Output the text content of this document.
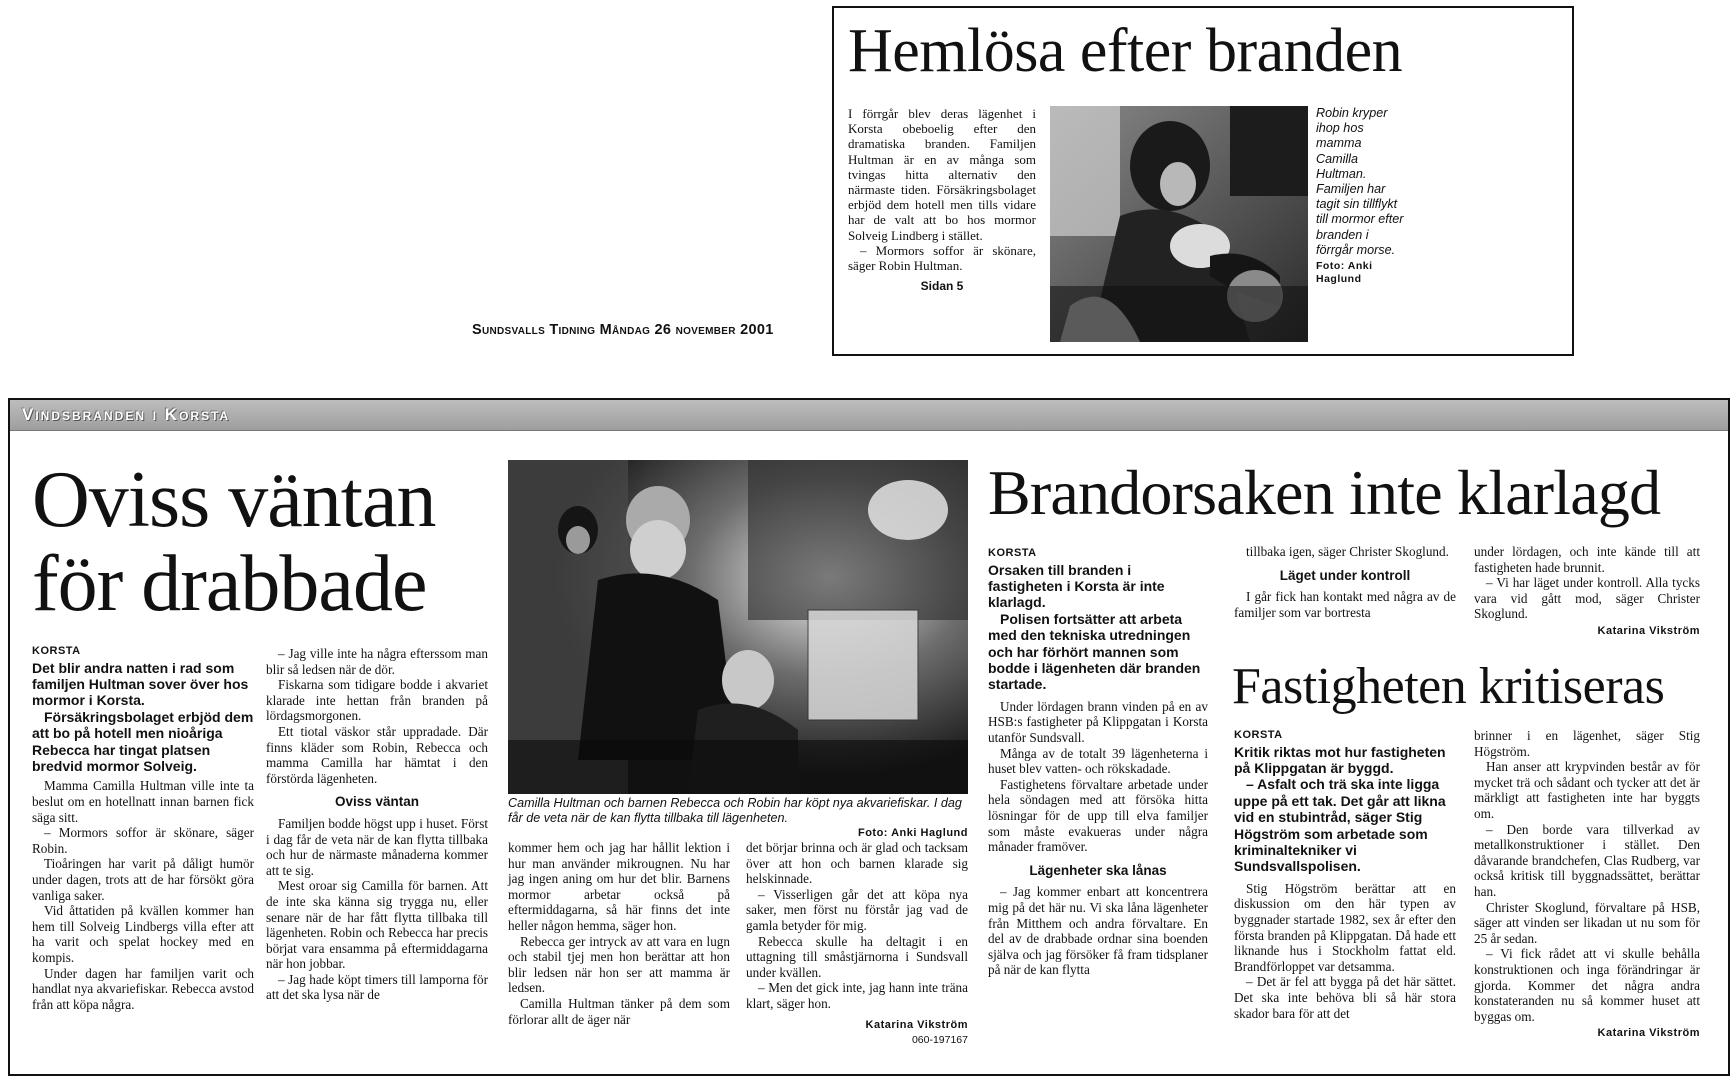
Sundsvalls Tidning Måndag 26 november 2001
Hemlösa efter branden

I förrgår blev deras lägenhet i Korsta obeboelig efter den dramatiska branden. Familjen Hultman är en av många som tvingas hitta alternativ den närmaste tiden. Försäkringsbolaget erbjöd dem hotell men tills vidare har de valt att bo hos mormor Solveig Lindberg i stället.

– Mormors soffor är skönare, säger Robin Hultman.

Sidan 5
Robin kryper ihop hos mamma Camilla Hultman. Familjen har tagit sin tillflykt till mormor efter branden i förrgår morse.
Foto: Anki Haglund
Vindsbranden i Korsta
Oviss väntan
för drabbade
KORSTA
Det blir andra natten i rad som familjen Hultman sover över hos mormor i Korsta.
Försäkringsbolaget erbjöd dem att bo på hotell men nioåriga Rebecca har tingat platsen bredvid mormor Solveig.

Mamma Camilla Hultman ville inte ta beslut om en hotellnatt innan barnen fick säga sitt.

– Mormors soffor är skönare, säger Robin.

Tioåringen har varit på dåligt humör under dagen, trots att de har försökt göra vanliga saker.

Vid åttatiden på kvällen kommer han hem till Solveig Lindbergs villa efter att ha varit och spelat hockey med en kompis.

Under dagen har familjen varit och handlat nya akvariefiskar. Rebecca avstod från att köpa några.

– Jag ville inte ha några efterssom man blir så ledsen när de dör.

Fiskarna som tidigare bodde i akvariet klarade inte hettan från branden på lördagsmorgonen.

Ett tiotal väskor står uppradade. Där finns kläder som Robin, Rebecca och mamma Camilla har hämtat i den förstörda lägenheten.

Oviss väntan

Familjen bodde högst upp i huset. Först i dag får de veta när de kan flytta tillbaka och hur de närmaste månaderna kommer att te sig.

Mest oroar sig Camilla för barnen. Att de inte ska känna sig trygga nu, eller senare när de har fått flytta tillbaka till lägenheten. Robin och Rebecca har precis börjat vara ensamma på eftermiddagarna när hon jobbar.

– Jag hade köpt timers till lamporna för att det ska lysa när de

Camilla Hultman och barnen Rebecca och Robin har köpt nya akvariefiskar. I dag får de veta när de kan flytta tillbaka till lägenheten.
Foto: Anki Haglund

kommer hem och jag har hållit lektion i hur man använder mikrougnen. Nu har jag ingen aning om hur det blir. Barnens mormor arbetar också på eftermiddagarna, så här finns det inte heller någon hemma, säger hon.

Rebecca ger intryck av att vara en lugn och stabil tjej men hon berättar att hon blir ledsen när hon ser att mamma är ledsen.

Camilla Hultman tänker på dem som förlorar allt de äger när

det börjar brinna och är glad och tacksam över att hon och barnen klarade sig helskinnade.

– Visserligen går det att köpa nya saker, men först nu förstår jag vad de gamla betyder för mig.

Rebecca skulle ha deltagit i en uttagning till småstjärnorna i Sundsvall under kvällen.

– Men det gick inte, jag hann inte träna klart, säger hon.

Katarina Vikström
060-197167
Brandorsaken inte klarlagd
KORSTA
Orsaken till branden i fastigheten i Korsta är inte klarlagd.
Polisen fortsätter att arbeta med den tekniska utredningen och har förhört mannen som bodde i lägenheten där branden startade.

Under lördagen brann vinden på en av HSB:s fastigheter på Klippgatan i Korsta utanför Sundsvall.

Många av de totalt 39 lägenheterna i huset blev vatten- och rökskadade.

Fastighetens förvaltare arbetade under hela söndagen med att försöka hitta lösningar för de upp till elva familjer som måste evakueras under några månader framöver.

Lägenheter ska lånas

– Jag kommer enbart att koncentrera mig på det här nu. Vi ska låna lägenheter från Mitthem och andra förvaltare. En del av de drabbade ordnar sina boenden själva och jag försöker få fram tidsplaner på när de kan flytta

tillbaka igen, säger Christer Skoglund.

Läget under kontroll

I går fick han kontakt med några av de familjer som var bortresta

under lördagen, och inte kände till att fastigheten hade brunnit.

– Vi har läget under kontroll. Alla tycks vara vid gått mod, säger Christer Skoglund.

Katarina Vikström
Fastigheten kritiseras
KORSTA
Kritik riktas mot hur fastigheten på Klippgatan är byggd.
– Asfalt och trä ska inte ligga uppe på ett tak. Det går att likna vid en stubintråd, säger Stig Högström som arbetade som kriminaltekniker vi Sundsvallspolisen.

Stig Högström berättar att en diskussion om den här typen av byggnader startade 1982, sex år efter den första branden på Klippgatan. Då hade ett liknande hus i Stockholm fattat eld. Brandförloppet var detsamma.

– Det är fel att bygga på det här sättet. Det ska inte behöva bli så här stora skador bara för att det

brinner i en lägenhet, säger Stig Högström.

Han anser att krypvinden består av för mycket trä och sådant och tycker att det är märkligt att fastigheten inte har byggts om.

– Den borde vara tillverkad av metallkonstruktioner i stället. Den dåvarande brandchefen, Clas Rudberg, var också kritisk till byggnadssättet, berättar han.

Christer Skoglund, förvaltare på HSB, säger att vinden ser likadan ut nu som för 25 år sedan.

– Vi fick rådet att vi skulle behålla konstruktionen och inga förändringar är gjorda. Kommer det några andra konstateranden nu så kommer huset att byggas om.

Katarina Vikström
